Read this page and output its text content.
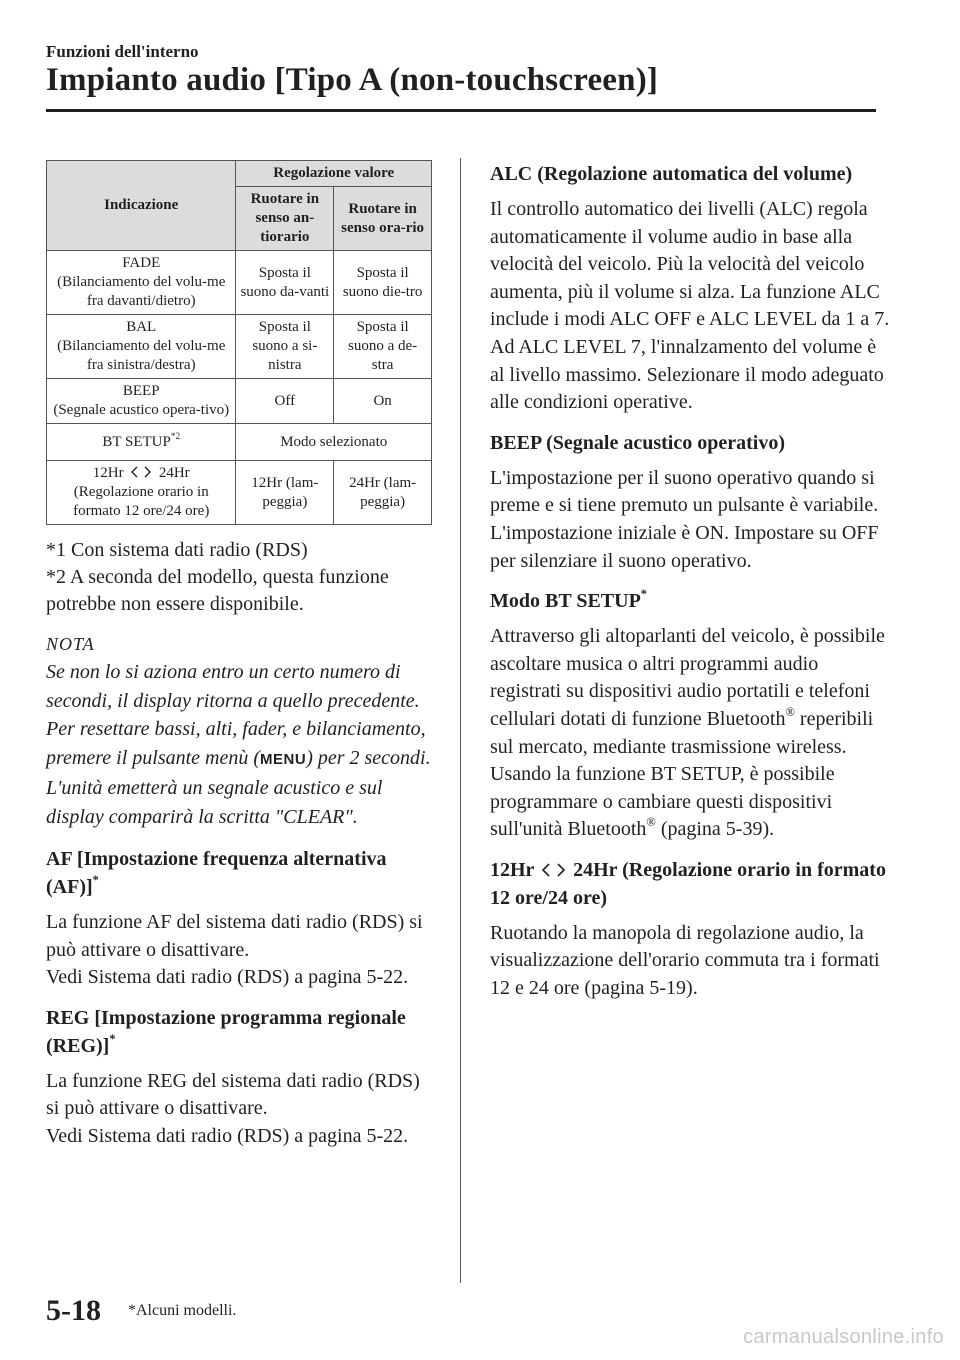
Funzioni dell'interno
Impianto audio [Tipo A (non-touchscreen)]
Indicazione	Regolazione valore	
	Ruotare in senso an-tiorario	Ruotare in senso ora-rio

FADE
(Bilanciamento del volu-me fra davanti/dietro)	Sposta il suono da-vanti	Sposta il suono die-tro

BAL
(Bilanciamento del volu-me fra sinistra/destra)	Sposta il suono a si-nistra	Sposta il suono a de-stra

BEEP
(Segnale acustico opera-tivo)	Off	On
BT SETUP$^{*2}$	Modo selezionato	

12Hr 24Hr
(Regolazione orario in formato 12 ore/24 ore)	12Hr (lam-peggia)	24Hr (lam-peggia)

*1 Con sistema dati radio (RDS)

*2 A seconda del modello, questa funzione potrebbe non essere disponibile.

NOTA

Se non lo si aziona entro un certo numero di secondi, il display ritorna a quello precedente. Per resettare bassi, alti, fader, e bilanciamento, premere il pulsante menù (MENU) per 2 secondi. L'unità emetterà un segnale acustico e sul display comparirà la scritta "CLEAR".

AF [Impostazione frequenza alternativa (AF)]*

La funzione AF del sistema dati radio (RDS) si può attivare o disattivare.

Vedi Sistema dati radio (RDS) a pagina 5-22.

REG [Impostazione programma regionale (REG)]*

La funzione REG del sistema dati radio (RDS) si può attivare o disattivare.

Vedi Sistema dati radio (RDS) a pagina 5-22.

ALC (Regolazione automatica del volume)

Il controllo automatico dei livelli (ALC) regola automaticamente il volume audio in base alla velocità del veicolo. Più la velocità del veicolo aumenta, più il volume si alza. La funzione ALC include i modi ALC OFF e ALC LEVEL da 1 a 7. Ad ALC LEVEL 7, l'innalzamento del volume è al livello massimo. Selezionare il modo adeguato alle condizioni operative.

BEEP (Segnale acustico operativo)

L'impostazione per il suono operativo quando si preme e si tiene premuto un pulsante è variabile. L'impostazione iniziale è ON. Impostare su OFF per silenziare il suono operativo.

Modo BT SETUP*

Attraverso gli altoparlanti del veicolo, è possibile ascoltare musica o altri programmi audio registrati su dispositivi audio portatili e telefoni cellulari dotati di funzione Bluetooth® reperibili sul mercato, mediante trasmissione wireless. Usando la funzione BT SETUP, è possibile programmare o cambiare questi dispositivi sull'unità Bluetooth® (pagina 5-39).

12Hr 24Hr (Regolazione orario in formato 12 ore/24 ore)

Ruotando la manopola di regolazione audio, la visualizzazione dell'orario commuta tra i formati 12 e 24 ore (pagina 5-19).

5-18 *Alcuni modelli.
carmanualsonline.info
